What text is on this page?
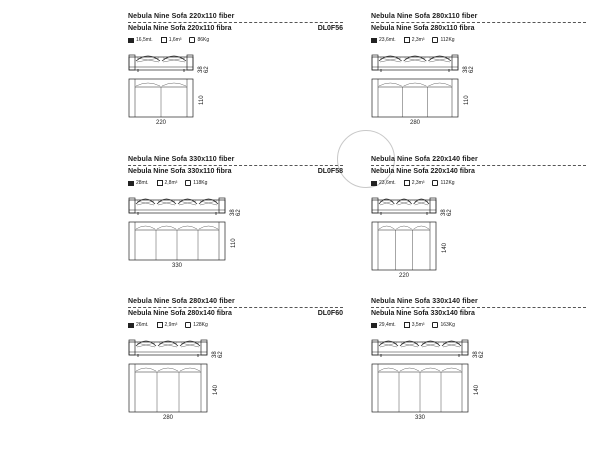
Nebula Nine Sofa 220x110 fiber
Nebula Nine Sofa 220x110 fibra	DL0F56
16,5mt.	1,6m³	86Kg
38 62
110
220
Nebula Nine Sofa 280x110 fiber
Nebula Nine Sofa 280x110 fibra
23,6mt.	2,3m³	112Kg
38 62
110
280
Nebula Nine Sofa 330x110 fiber
Nebula Nine Sofa 330x110 fibra	DL0F58
28mt.	2,8m³	118Kg
38 62
110
330
Nebula Nine Sofa 220x140 fiber
Nebula Nine Sofa 220x140 fibra
23,6mt.	2,3m³	112Kg
38 62
140
220
Nebula Nine Sofa 280x140 fiber
Nebula Nine Sofa 280x140 fibra	DL0F60
26mt.	2,9m³	128Kg
38 62
140
280
Nebula Nine Sofa 330x140 fiber
Nebula Nine Sofa 330x140 fibra
29,4mt.	3,5m³	163Kg
38 62
140
330
